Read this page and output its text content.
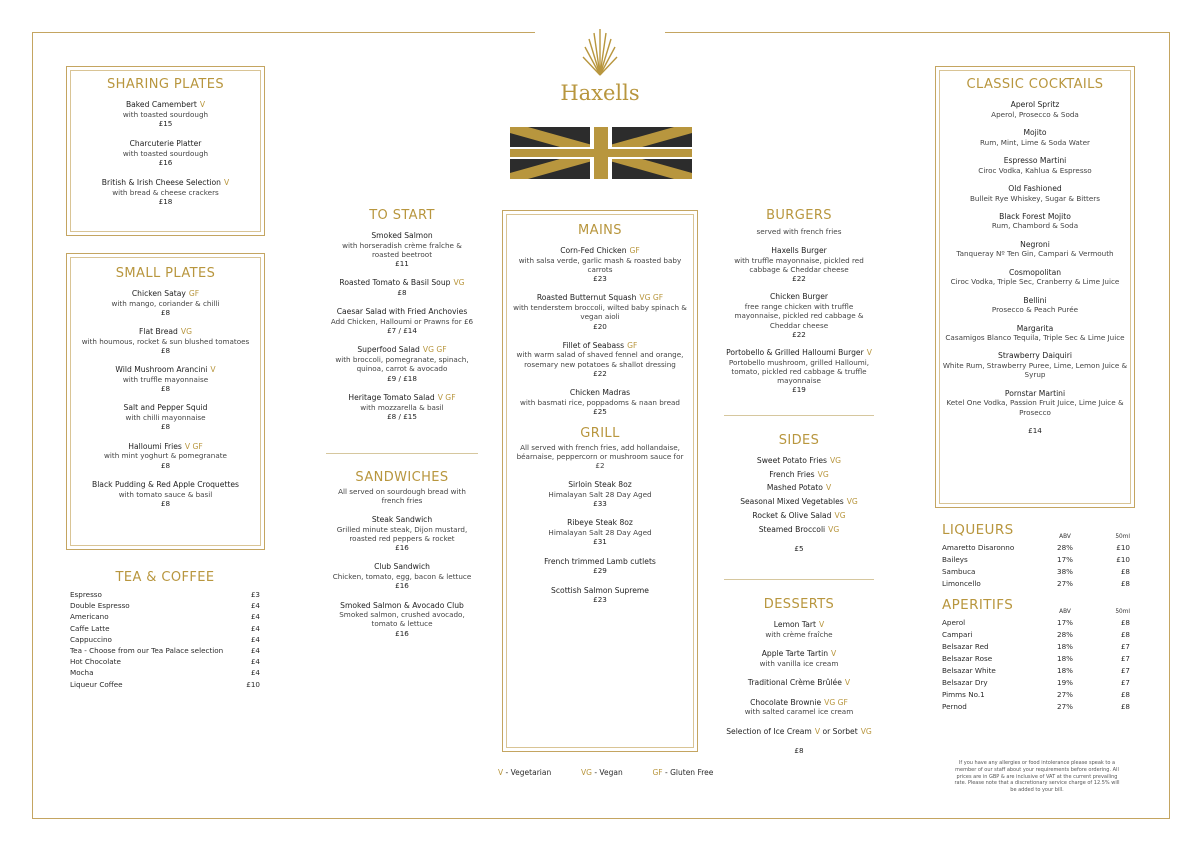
Haxells
SHARING PLATES
Baked Camembert V
with toasted sourdough
£15
Charcuterie Platter
with toasted sourdough
£16
British & Irish Cheese Selection V
with bread & cheese crackers
£18
SMALL PLATES
Chicken Satay GF
with mango, coriander & chilli
£8
Flat Bread VG
with houmous, rocket & sun blushed tomatoes
£8
Wild Mushroom Arancini V
with truffle mayonnaise
£8
Salt and Pepper Squid
with chilli mayonnaise
£8
Halloumi Fries V GF
with mint yoghurt & pomegranate
£8
Black Pudding & Red Apple Croquettes
with tomato sauce & basil
£8
TEA & COFFEE
Espresso	£3
Double Espresso	£4
Americano	£4
Caffe Latte	£4
Cappuccino	£4
Tea - Choose from our Tea Palace selection	£4
Hot Chocolate	£4
Mocha	£4
Liqueur Coffee	£10
TO START
Smoked Salmon
with horseradish crème fraîche & roasted beetroot
£11
Roasted Tomato & Basil Soup VG
£8
Caesar Salad with Fried Anchovies
Add Chicken, Halloumi or Prawns for £6
£7 / £14
Superfood Salad VG GF
with broccoli, pomegranate, spinach, quinoa, carrot & avocado
£9 / £18
Heritage Tomato Salad V GF
with mozzarella & basil
£8 / £15
SANDWICHES
All served on sourdough bread with french fries
Steak Sandwich
Grilled minute steak, Dijon mustard, roasted red peppers & rocket
£16
Club Sandwich
Chicken, tomato, egg, bacon & lettuce
£16
Smoked Salmon & Avocado Club
Smoked salmon, crushed avocado, tomato & lettuce
£16
MAINS
Corn-Fed Chicken GF
with salsa verde, garlic mash & roasted baby carrots
£23
Roasted Butternut Squash VG GF
with tenderstem broccoli, wilted baby spinach & vegan aioli
£20
Fillet of Seabass GF
with warm salad of shaved fennel and orange, rosemary new potatoes & shallot dressing
£22
Chicken Madras
with basmati rice, poppadoms & naan bread
£25
GRILL
All served with french fries, add hollandaise, béarnaise, peppercorn or mushroom sauce for £2
Sirloin Steak 8oz
Himalayan Salt 28 Day Aged
£33
Ribeye Steak 8oz
Himalayan Salt 28 Day Aged
£31
French trimmed Lamb cutlets
£29
Scottish Salmon Supreme
£23
BURGERS
served with french fries
Haxells Burger
with truffle mayonnaise, pickled red cabbage & Cheddar cheese
£22
Chicken Burger
free range chicken with truffle mayonnaise, pickled red cabbage & Cheddar cheese
£22
Portobello & Grilled Halloumi Burger V
Portobello mushroom, grilled Halloumi, tomato, pickled red cabbage & truffle mayonnaise
£19
SIDES
Sweet Potato Fries VG
French Fries VG
Mashed Potato V
Seasonal Mixed Vegetables VG
Rocket & Olive Salad VG
Steamed Broccoli VG
£5
DESSERTS
Lemon Tart V
with crème fraîche
Apple Tarte Tartin V
with vanilla ice cream
Traditional Crème Brûlée V
Chocolate Brownie VG GF
with salted caramel ice cream
Selection of Ice Cream V or Sorbet VG
£8
CLASSIC COCKTAILS
Aperol Spritz
Aperol, Prosecco & Soda
Mojito
Rum, Mint, Lime & Soda Water
Espresso Martini
Ciroc Vodka, Kahlua & Espresso
Old Fashioned
Bulleit Rye Whiskey, Sugar & Bitters
Black Forest Mojito
Rum, Chambord & Soda
Negroni
Tanqueray Nº Ten Gin, Campari & Vermouth
Cosmopolitan
Ciroc Vodka, Triple Sec, Cranberry & Lime Juice
Bellini
Prosecco & Peach Purée
Margarita
Casamigos Blanco Tequila, Triple Sec & Lime Juice
Strawberry Daiquiri
White Rum, Strawberry Puree, Lime, Lemon Juice & Syrup
Pornstar Martini
Ketel One Vodka, Passion Fruit Juice, Lime Juice & Prosecco
£14
LIQUEURS	ABV	50ml
Amaretto Disaronno	28%	£10
Baileys	17%	£10
Sambuca	38%	£8
Limoncello	27%	£8
APERITIFS	ABV	50ml
Aperol	17%	£8
Campari	28%	£8
Belsazar Red	18%	£7
Belsazar Rose	18%	£7
Belsazar White	18%	£7
Belsazar Dry	19%	£7
Pimms No.1	27%	£8
Pernod	27%	£8
V - Vegetarian	VG - Vegan	GF - Gluten Free
If you have any allergies or food intolerance please speak to a member of our staff about your requirements before ordering. All prices are in GBP & are inclusive of VAT at the current prevailing rate. Please note that a discretionary service charge of 12.5% will be added to your bill.
